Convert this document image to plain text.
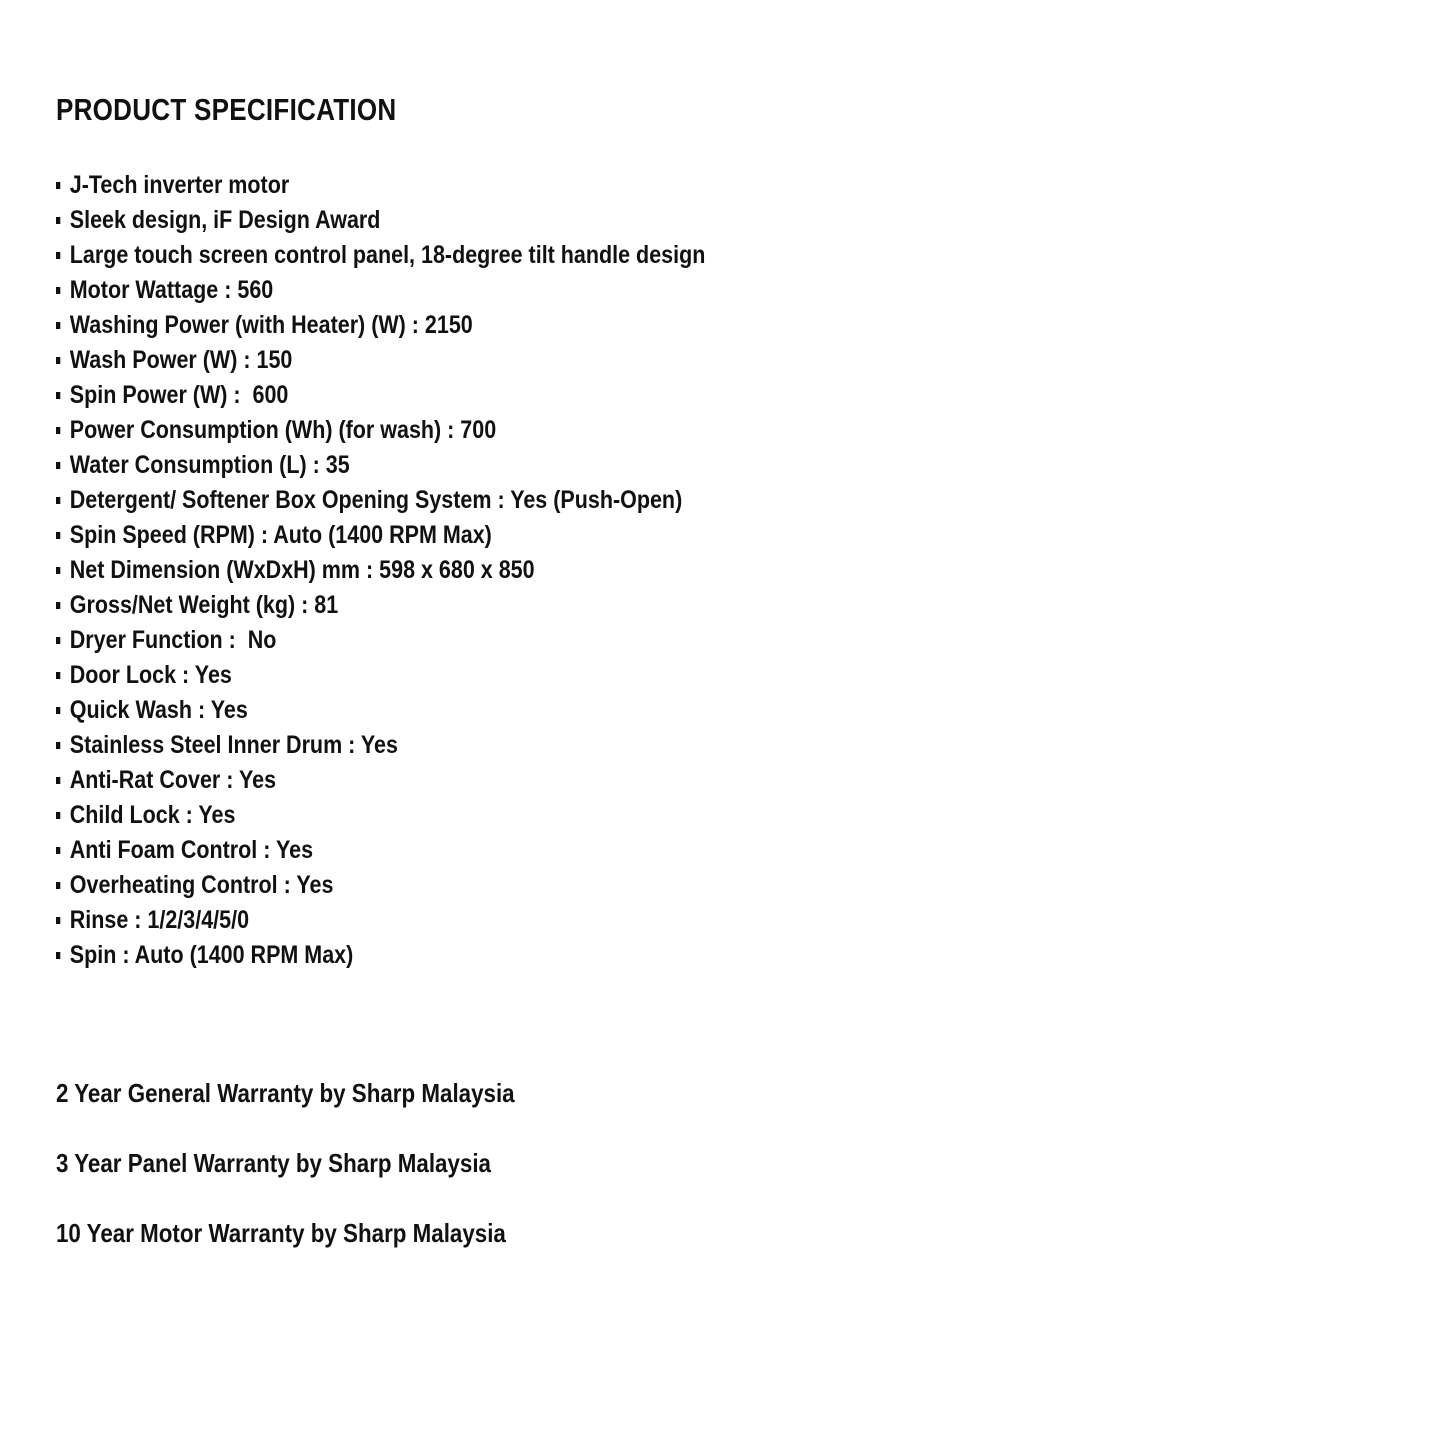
PRODUCT SPECIFICATION
J-Tech inverter motor
Sleek design, iF Design Award
Large touch screen control panel, 18-degree tilt handle design
Motor Wattage : 560
Washing Power (with Heater) (W) : 2150
Wash Power (W) : 150
Spin Power (W) :  600
Power Consumption (Wh) (for wash) : 700
Water Consumption (L) : 35
Detergent/ Softener Box Opening System : Yes (Push-Open)
Spin Speed (RPM) : Auto (1400 RPM Max)
Net Dimension (WxDxH) mm : 598 x 680 x 850
Gross/Net Weight (kg) : 81
Dryer Function :  No
Door Lock : Yes
Quick Wash : Yes
Stainless Steel Inner Drum : Yes
Anti-Rat Cover : Yes
Child Lock : Yes
Anti Foam Control : Yes
Overheating Control : Yes
Rinse : 1/2/3/4/5/0
Spin : Auto (1400 RPM Max)

2 Year General Warranty by Sharp Malaysia

3 Year Panel Warranty by Sharp Malaysia

10 Year Motor Warranty by Sharp Malaysia
